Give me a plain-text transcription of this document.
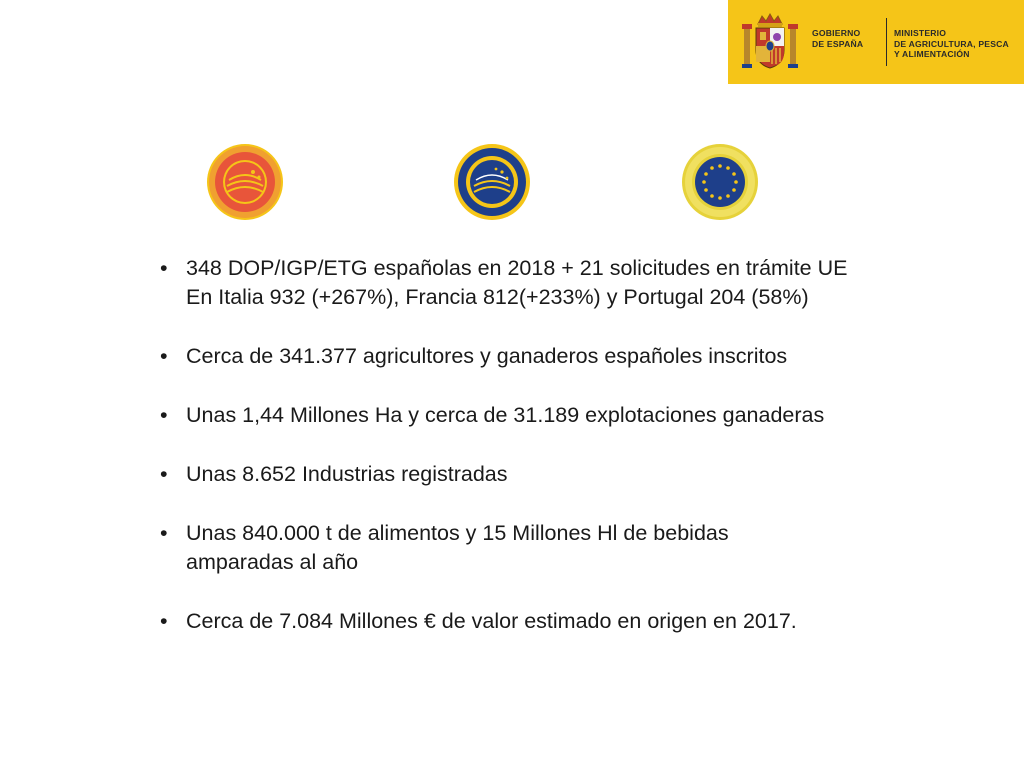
GOBIERNO
DE ESPAÑA
MINISTERIO
DE AGRICULTURA, PESCA
Y ALIMENTACIÓN
• 348 DOP/IGP/ETG españolas en 2018 + 21 solicitudes en trámite UE
En Italia 932 (+267%), Francia 812(+233%) y Portugal 204 (58%)
• Cerca de 341.377 agricultores y ganaderos españoles inscritos
• Unas 1,44 Millones Ha y cerca de 31.189 explotaciones ganaderas
• Unas 8.652 Industrias registradas
• Unas 840.000 t de alimentos y 15 Millones Hl de bebidas
amparadas al año
• Cerca de 7.084 Millones € de valor estimado en origen en 2017.
